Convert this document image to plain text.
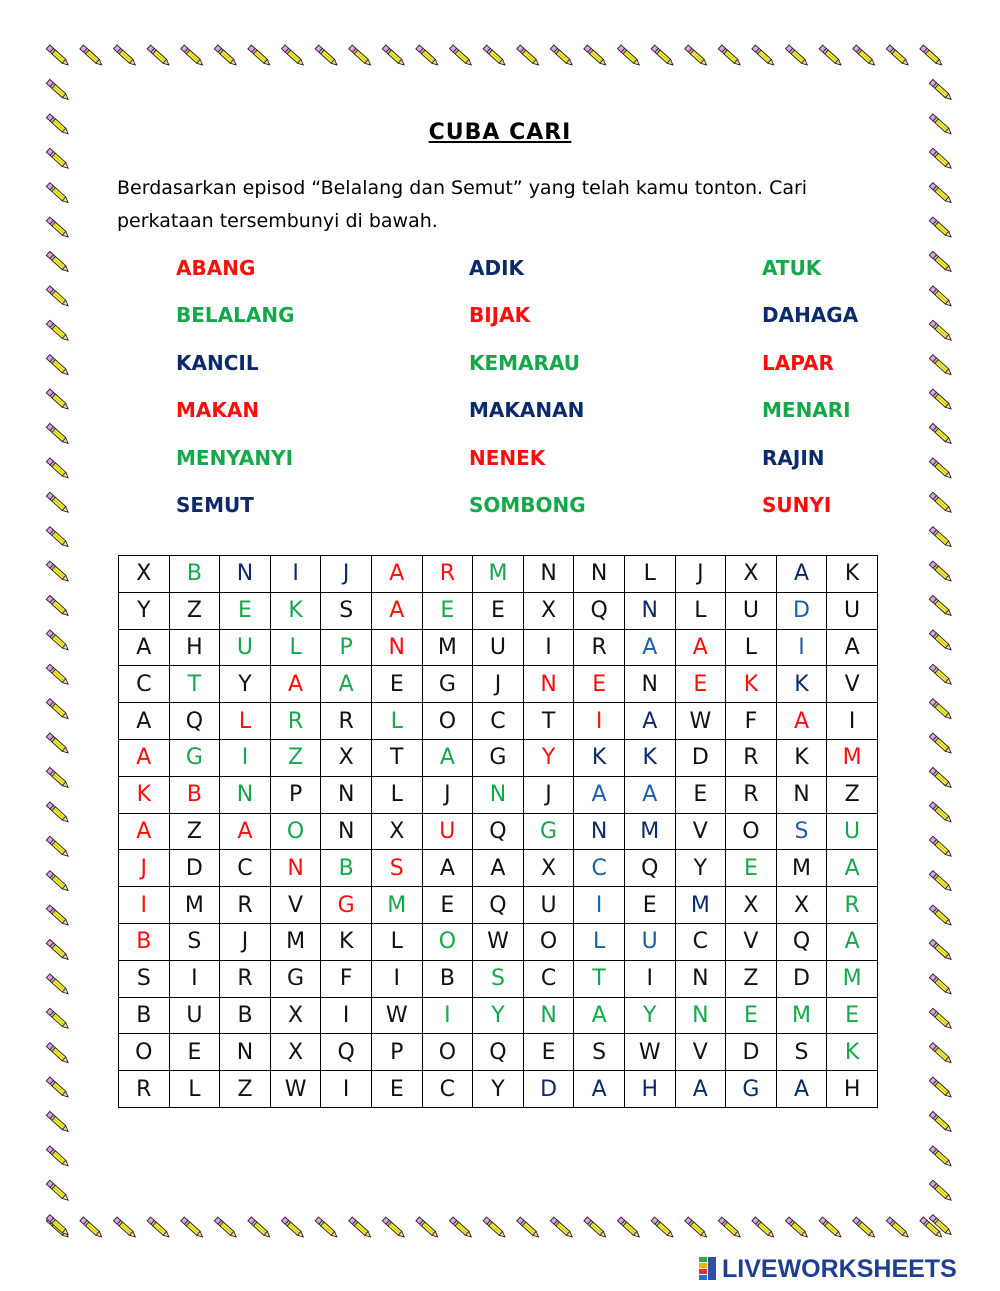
CUBA CARI
Berdasarkan episod “Belalang dan Semut” yang telah kamu tonton. Cari perkataan tersembunyi di bawah.
ABANG	ADIK	ATUK
BELALANG	BIJAK	DAHAGA
KANCIL	KEMARAU	LAPAR
MAKAN	MAKANAN	MENARI
MENYANYI	NENEK	RAJIN
SEMUT	SOMBONG	SUNYI
X	B	N	I	J	A	R	M	N	N	L	J	X	A	K
Y	Z	E	K	S	A	E	E	X	Q	N	L	U	D	U
A	H	U	L	P	N	M	U	I	R	A	A	L	I	A
C	T	Y	A	A	E	G	J	N	E	N	E	K	K	V
A	Q	L	R	R	L	O	C	T	I	A	W	F	A	I
A	G	I	Z	X	T	A	G	Y	K	K	D	R	K	M
K	B	N	P	N	L	J	N	J	A	A	E	R	N	Z
A	Z	A	O	N	X	U	Q	G	N	M	V	O	S	U
J	D	C	N	B	S	A	A	X	C	Q	Y	E	M	A
I	M	R	V	G	M	E	Q	U	I	E	M	X	X	R
B	S	J	M	K	L	O	W	O	L	U	C	V	Q	A
S	I	R	G	F	I	B	S	C	T	I	N	Z	D	M
B	U	B	X	I	W	I	Y	N	A	Y	N	E	M	E
O	E	N	X	Q	P	O	Q	E	S	W	V	D	S	K
R	L	Z	W	I	E	C	Y	D	A	H	A	G	A	H
LIVEWORKSHEETS
